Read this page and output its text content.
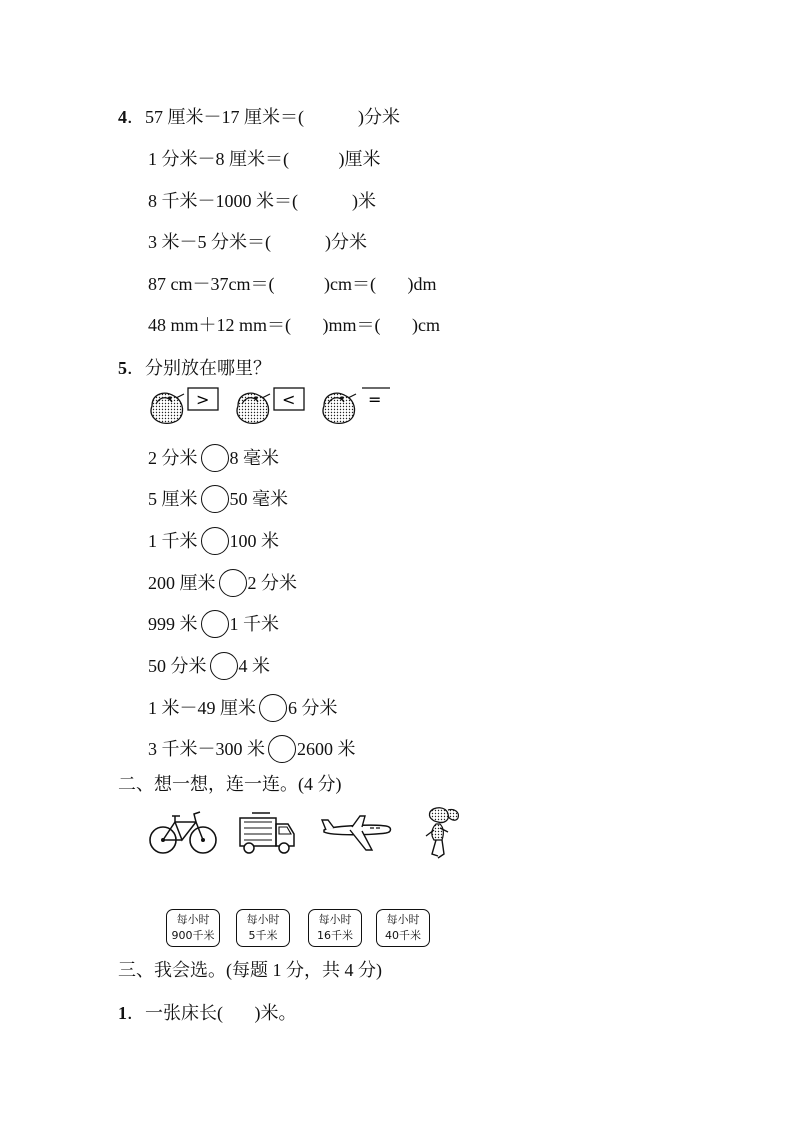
4．57 厘米－17 厘米＝(            )分米
1 分米－8 厘米＝(           )厘米
8 千米－1000 米＝(            )米
3 米－5 分米＝(            )分米
87 cm－37cm＝(           )cm＝(       )dm
48 mm＋12 mm＝(       )mm＝(       )cm
5．分别放在哪里？
>	<	=
2 分米 8 毫米
5 厘米 50 毫米
1 千米 100 米
200 厘米 2 分米
999 米 1 千米
50 分米 4 米
1 米－49 厘米 6 分米
3 千米－300 米 2600 米
二、想一想，连一连。(4 分)
每小时
900千米
每小时
5千米
每小时
16千米
每小时
40千米
三、我会选。(每题 1 分，共 4 分)
1．一张床长(       )米。
